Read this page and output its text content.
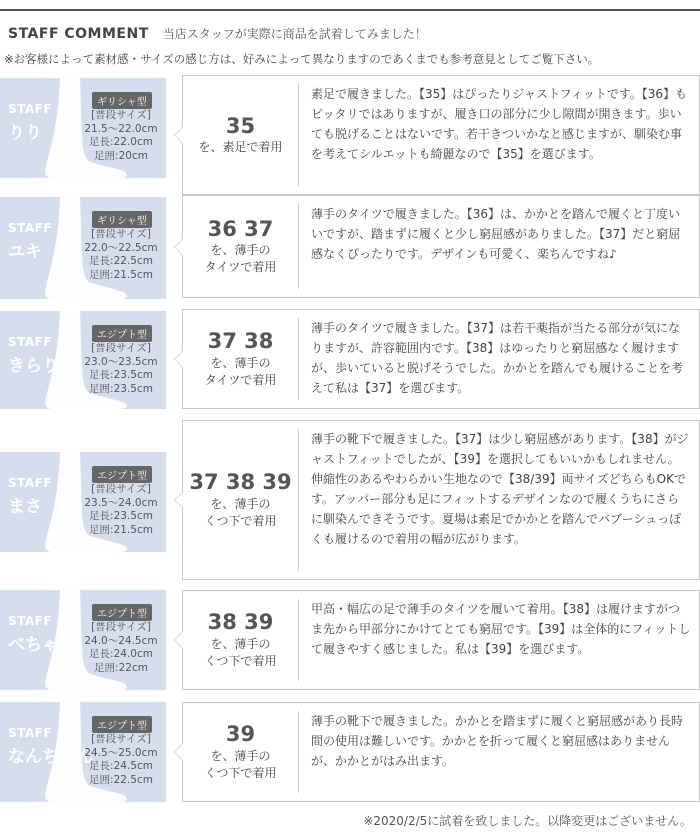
STAFF COMMENT 当店スタッフが実際に商品を試着してみました！
※お客様によって素材感・サイズの感じ方は、好みによって異なりますのであくまでも参考意見としてご覧下さい。
STAFF
りり
ギリシャ型
[普段サイズ]
21.5〜22.0cm
足長:22.0cm
足囲:20cm
35
を、素足で着用
素足で履きました。【35】はぴったりジャストフィットです。【36】もピッタリではありますが、履き口の部分に少し隙間が開きます。歩いても脱げることはないです。若干きついかなと感じますが、馴染む事を考えてシルエットも綺麗なので【35】を選びます。
STAFF
ユキ
ギリシャ型
[普段サイズ]
22.0〜22.5cm
足長:22.5cm
足囲:21.5cm
36 37
を、薄手の
タイツで着用
薄手のタイツで履きました。【36】は、かかとを踏んで履くと丁度いいですが、踏まずに履くと少し窮屈感がありました。【37】だと窮屈感なくぴったりです。デザインも可愛く、楽ちんですね♪
STAFF
きらり
エジプト型
[普段サイズ]
23.0〜23.5cm
足長:23.5cm
足囲:23.5cm
37 38
を、薄手の
タイツで着用
薄手のタイツで履きました。【37】は若干薬指が当たる部分が気になりますが、許容範囲内です。【38】はゆったりと窮屈感なく履けますが、歩いていると脱げそうでした。かかとを踏んでも履けることを考えて私は【37】を選びます。
STAFF
まさ
エジプト型
[普段サイズ]
23.5〜24.0cm
足長:23.5cm
足囲:21.5cm
37 38 39
を、薄手の
くつ下で着用
薄手の靴下で履きました。【37】は少し窮屈感があります。【38】がジャストフィットでしたが、【39】を選択してもいいかもしれません。伸縮性のあるやわらかい生地なので【38/39】両サイズどちらもOKです。アッパー部分も足にフィットするデザインなので履くうちにさらに馴染んできそうです。夏場は素足でかかとを踏んでバブーシュっぽくも履けるので着用の幅が広がります。
STAFF
べちゃん
エジプト型
[普段サイズ]
24.0〜24.5cm
足長:24.0cm
足囲:22cm
38 39
を、薄手の
くつ下で着用
甲高・幅広の足で薄手のタイツを履いて着用。【38】は履けますがつま先から甲部分にかけてとても窮屈です。【39】は全体的にフィットして履きやすく感じました。私は【39】を選びます。
STAFF
なんちゃん
エジプト型
[普段サイズ]
24.5〜25.0cm
足長:24.5cm
足囲:22.5cm
39
を、薄手の
くつ下で着用
薄手の靴下で履きました。かかとを踏まずに履くと窮屈感があり長時間の使用は難しいです。かかとを折って履くと窮屈感はありませんが、かかとがはみ出ます。
※2020/2/5に試着を致しました。以降変更はございません。
